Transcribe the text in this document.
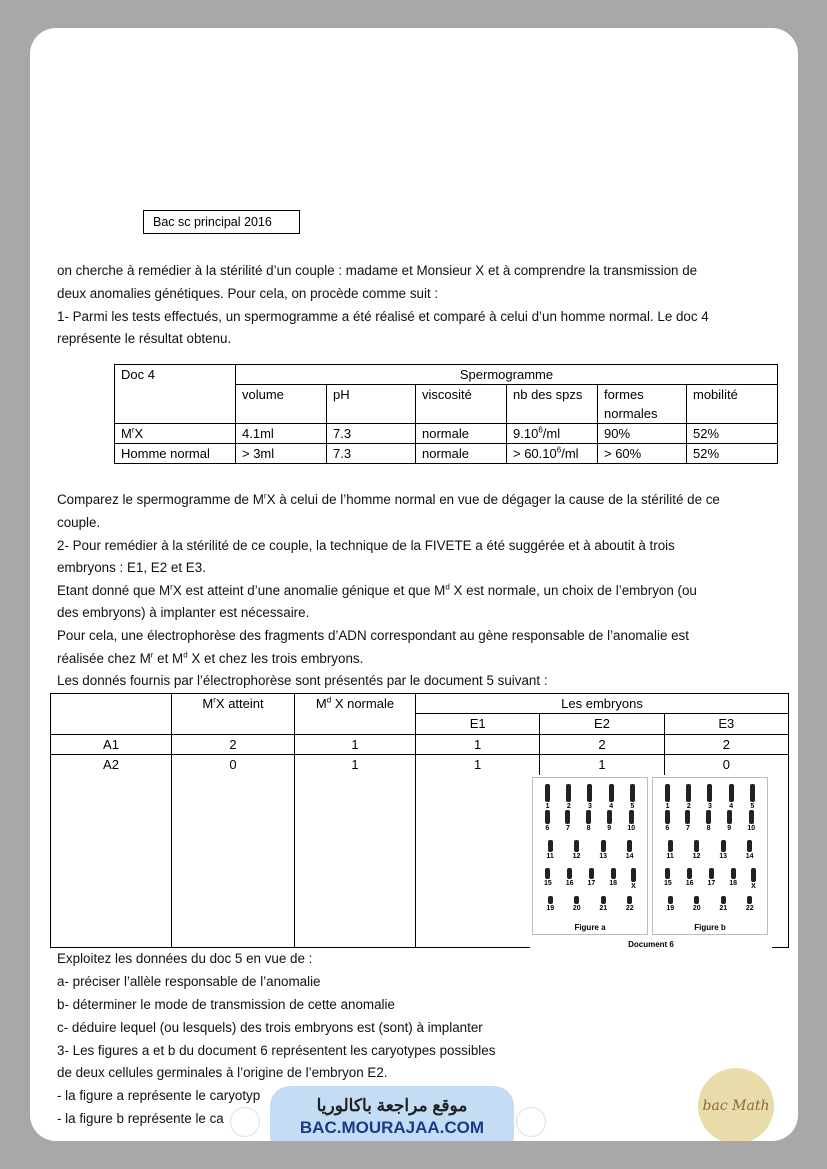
Bac sc principal 2016
on cherche à remédier à la stérilité d’un couple : madame et Monsieur X et à comprendre la transmission de
deux anomalies génétiques. Pour cela, on procède comme suit :
1- Parmi les tests effectués, un spermogramme a été réalisé et comparé à celui d’un homme normal. Le doc 4
représente le résultat obtenu.
Doc 4	Spermogramme					
	volume	pH	viscosité	nb des spzs	formes normales	mobilité
$M^rX$	4.1ml	7.3	normale	9.10$^6$/ml	90%	52%
Homme normal	> 3ml	7.3	normale	> $60.10^6/ml$	> 60%	52%
Comparez le spermogramme de $M^rX$ à celui de l’homme normal en vue de dégager la cause de la stérilité de ce
couple.
2- Pour remédier à la stérilité de ce couple, la technique de la FIVETE a été suggérée et à aboutit à trois
embryons : E1, E2 et E3.
Etant donné que $M^rX$ est atteint d’une anomalie génique et que $M^d$ X est normale, un choix de l’embryon (ou
des embryons) à implanter est nécessaire.
Pour cela, une électrophorèse des fragments d’ADN correspondant au gène responsable de l’anomalie est
réalisée chez $M^r$ et $M^d$ X et chez les trois embryons.
Les donnés fournis par l’électrophorèse sont présentés par le document 5 suivant :
	$M^rX$ atteint	$M^d$ X normale	Les embryons		
			E1	E2	E3
A1	2	1	1	2	2
A2	0	1	1	1	0
Figure a
1 2 3 4 5
6 7 8 9 10
11	12	13	14
15 16 17 18 X
19	20	21	22
Figure b
1 2 3 4 5
6 7 8 9 10
11	12	13	14
15 16 17 18 X
19	20	21	22
Document 6
Exploitez les données du doc 5 en vue de :
a- préciser l’allèle responsable de l’anomalie
b- déterminer le mode de transmission de cette anomalie
c- déduire lequel (ou lesquels) des trois embryons est (sont) à implanter
3- Les figures a et b du document 6 représentent les caryotypes possibles
de deux cellules germinales à l’origine de l’embryon E2.
- la figure a représente le caryotyp
- la figure b représente le ca
موقع مراجعة باكالوريا
BAC.MOURAJAA.COM
bac Math
